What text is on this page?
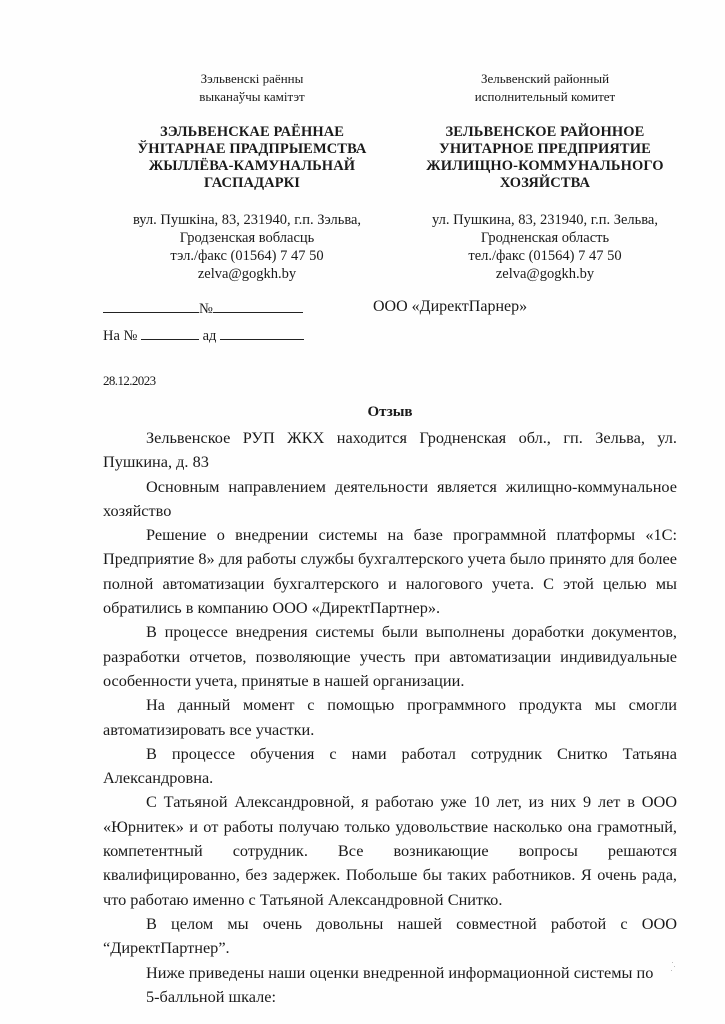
Зэльвенскі раённы
выканаўчы камітэт
ЗЭЛЬВЕНСКАЕ РАЁННАЕ
ЎНІТАРНАЕ ПРАДПРЫЕМСТВА
ЖЫЛЛЁВА-КАМУНАЛЬНАЙ
ГАСПАДАРКІ
вул. Пушкіна, 83, 231940, г.п. Зэльва,
Гродзенская вобласць
тэл./факс (01564) 7 47 50
zelva@gogkh.by
Зельвенский районный
исполнительный комитет
ЗЕЛЬВЕНСКОЕ РАЙОННОЕ
УНИТАРНОЕ ПРЕДПРИЯТИЕ
ЖИЛИЩНО-КОММУНАЛЬНОГО
ХОЗЯЙСТВА
ул. Пушкина, 83, 231940, г.п. Зельва,
Гродненская область
тел./факс (01564) 7 47 50
zelva@gogkh.by
№
На №	ад
ООО «ДиректПарнер»
28.12.2023
Отзыв

Зельвенское РУП ЖКХ находится Гродненская обл., гп. Зельва, ул. Пушкина, д. 83

Основным направлением деятельности является жилищно-коммунальное хозяйство

Решение о внедрении системы на базе программной платформы «1С: Предприятие 8» для работы службы бухгалтерского учета было принято для более полной автоматизации бухгалтерского и налогового учета. С этой целью мы обратились в компанию ООО «ДиректПартнер».

В процессе внедрения системы были выполнены доработки документов, разработки отчетов, позволяющие учесть при автоматизации индивидуальные особенности учета, принятые в нашей организации.

На данный момент с помощью программного продукта мы смогли автоматизировать все участки.

В процессе обучения с нами работал сотрудник Снитко Татьяна Александровна.

С Татьяной Александровной, я работаю уже 10 лет, из них 9 лет в ООО «Юрнитек» и от работы получаю только удовольствие насколько она грамотный, компетентный сотрудник. Все возникающие вопросы решаются квалифицированно, без задержек. Побольше бы таких работников. Я очень рада, что работаю именно с Татьяной Александровной Снитко.

В целом мы очень довольны нашей совместной работой с ООО “ДиректПартнер”.

Ниже приведены наши оценки внедренной информационной системы по 5-балльной шкале:
